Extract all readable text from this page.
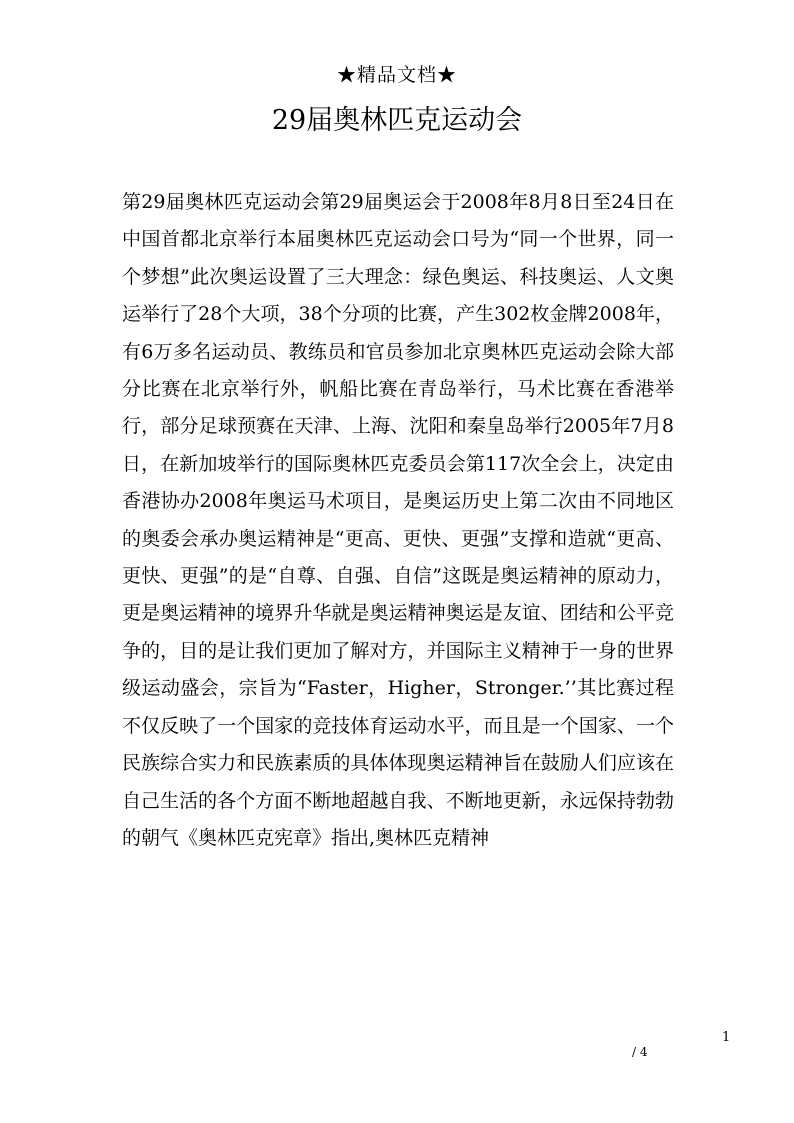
★精品文档★
29届奥林匹克运动会
第29届奥林匹克运动会第29届奥运会于2008年8月8日至24日在中国首都北京举行本届奥林匹克运动会口号为“同一个世界，同一个梦想”此次奥运设置了三大理念：绿色奥运、科技奥运、人文奥运举行了28个大项，38个分项的比赛，产生302枚金牌2008年，有6万多名运动员、教练员和官员参加北京奥林匹克运动会除大部分比赛在北京举行外，帆船比赛在青岛举行，马术比赛在香港举行，部分足球预赛在天津、上海、沈阳和秦皇岛举行2005年7月8日，在新加坡举行的国际奥林匹克委员会第117次全会上，决定由香港协办2008年奥运马术项目，是奥运历史上第二次由不同地区的奥委会承办奥运精神是“更高、更快、更强”支撑和造就“更高、更快、更强”的是“自尊、自强、自信”这既是奥运精神的原动力，更是奥运精神的境界升华就是奥运精神奥运是友谊、团结和公平竞争的，目的是让我们更加了解对方，并国际主义精神于一身的世界级运动盛会，宗旨为“Faster，Higher，Stronger.’’其比赛过程不仅反映了一个国家的竞技体育运动水平，而且是一个国家、一个民族综合实力和民族素质的具体体现奥运精神旨在鼓励人们应该在自己生活的各个方面不断地超越自我、不断地更新，永远保持勃勃的朝气《奥林匹克宪章》指出,奥林匹克精神
1
/ 4
